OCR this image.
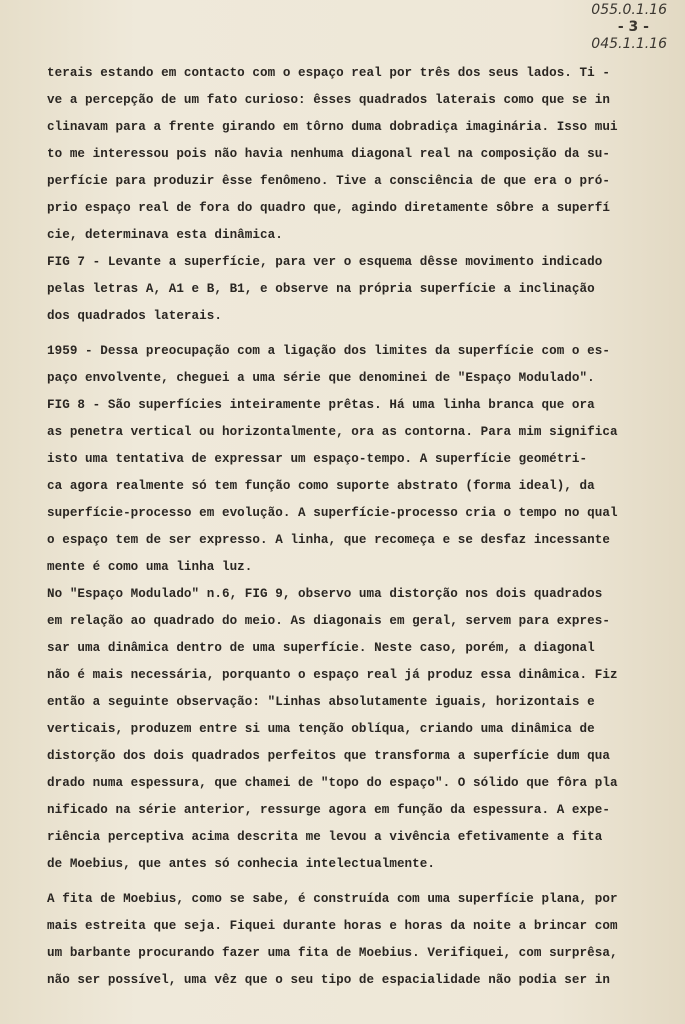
055.0.1.16
- 3 -
045.1.1.16
terais estando em contacto com o espaço real por três dos seus lados. Ti -
ve a percepção de um fato curioso: êsses quadrados laterais como que se in
clinavam para a frente girando em tôrno duma dobradiça imaginária. Isso mui
to me interessou pois não havia nenhuma diagonal real na composição da su-
perfície para produzir êsse fenômeno. Tive a consciência de que era o pró-
prio espaço real de fora do quadro que, agindo diretamente sôbre a superfí
cie, determinava esta dinâmica.
FIG 7 - Levante a superfície, para ver o esquema dêsse movimento indicado
pelas letras A, A1 e B, B1, e observe na própria superfície a inclinação
dos quadrados laterais.
1959 - Dessa preocupação com a ligação dos limites da superfície com o es-
paço envolvente, cheguei a uma série que denominei de "Espaço Modulado".
FIG 8 - São superfícies inteiramente prêtas. Há uma linha branca que ora
as penetra vertical ou horizontalmente, ora as contorna. Para mim significa
isto uma tentativa de expressar um espaço-tempo. A superfície geométri-
ca agora realmente só tem função como suporte abstrato (forma ideal), da
superfície-processo em evolução. A superfície-processo cria o tempo no qual
o espaço tem de ser expresso. A linha, que recomeça e se desfaz incessante
mente é como uma linha luz.
No "Espaço Modulado" n.6, FIG 9, observo uma distorção nos dois quadrados
em relação ao quadrado do meio. As diagonais em geral, servem para expres-
sar uma dinâmica dentro de uma superfície. Neste caso, porém, a diagonal
não é mais necessária, porquanto o espaço real já produz essa dinâmica. Fiz
então a seguinte observação: "Linhas absolutamente iguais, horizontais e
verticais, produzem entre si uma tenção oblíqua, criando uma dinâmica de
distorção dos dois quadrados perfeitos que transforma a superfície dum qua
drado numa espessura, que chamei de "topo do espaço". O sólido que fôra pla
nificado na série anterior, ressurge agora em função da espessura. A expe-
riência perceptiva acima descrita me levou a vivência efetivamente a fita
de Moebius, que antes só conhecia intelectualmente.
A fita de Moebius, como se sabe, é construída com uma superfície plana, por
mais estreita que seja. Fiquei durante horas e horas da noite a brincar com
um barbante procurando fazer uma fita de Moebius. Verifiquei, com surprêsa,
não ser possível, uma vêz que o seu tipo de espacialidade não podia ser in
